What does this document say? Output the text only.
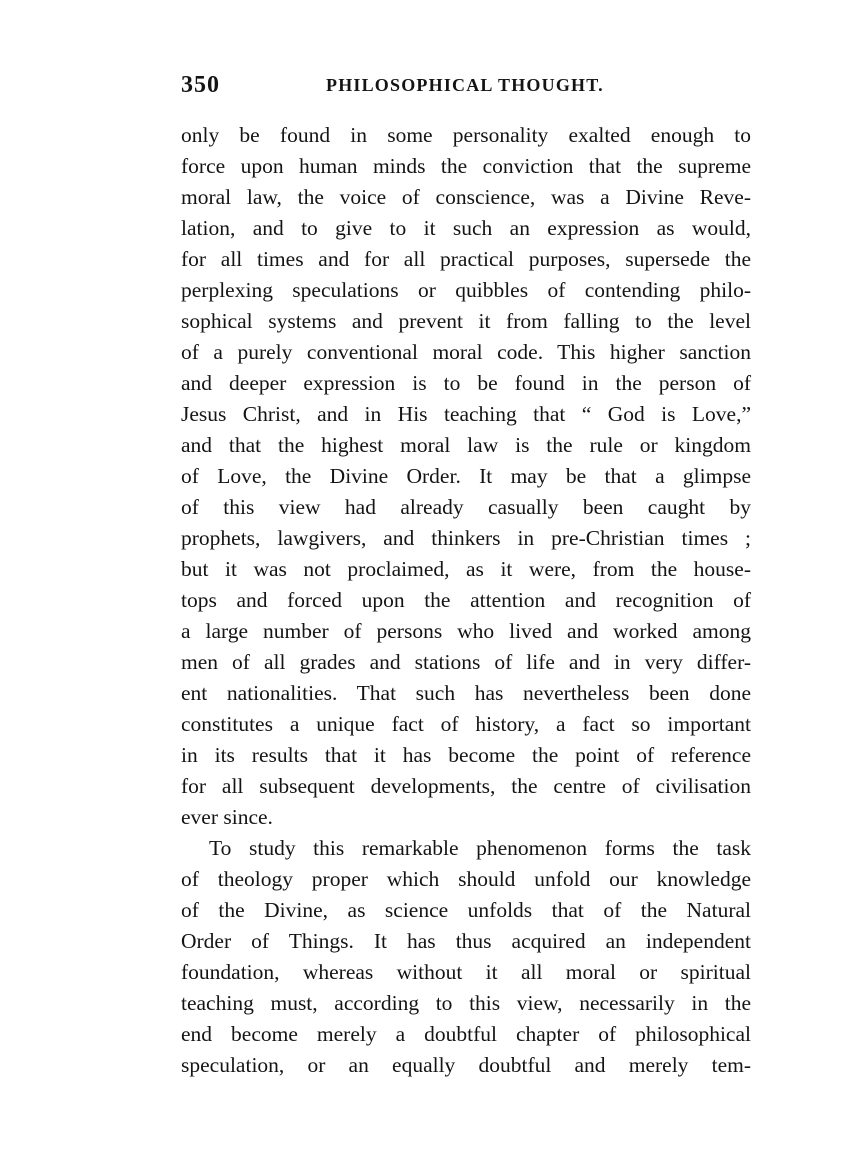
350	PHILOSOPHICAL THOUGHT.
only be found in some personality exalted enough to
force upon human minds the conviction that the supreme
moral law, the voice of conscience, was a Divine Reve-
lation, and to give to it such an expression as would,
for all times and for all practical purposes, supersede the
perplexing speculations or quibbles of contending philo-
sophical systems and prevent it from falling to the level
of a purely conventional moral code. This higher sanction
and deeper expression is to be found in the person of
Jesus Christ, and in His teaching that “ God is Love,”
and that the highest moral law is the rule or kingdom
of Love, the Divine Order. It may be that a glimpse
of this view had already casually been caught by
prophets, lawgivers, and thinkers in pre-Christian times ;
but it was not proclaimed, as it were, from the house-
tops and forced upon the attention and recognition of
a large number of persons who lived and worked among
men of all grades and stations of life and in very differ-
ent nationalities. That such has nevertheless been done
constitutes a unique fact of history, a fact so important
in its results that it has become the point of reference
for all subsequent developments, the centre of civilisation
ever since.
To study this remarkable phenomenon forms the task
of theology proper which should unfold our knowledge
of the Divine, as science unfolds that of the Natural
Order of Things. It has thus acquired an independent
foundation, whereas without it all moral or spiritual
teaching must, according to this view, necessarily in the
end become merely a doubtful chapter of philosophical
speculation, or an equally doubtful and merely tem-
